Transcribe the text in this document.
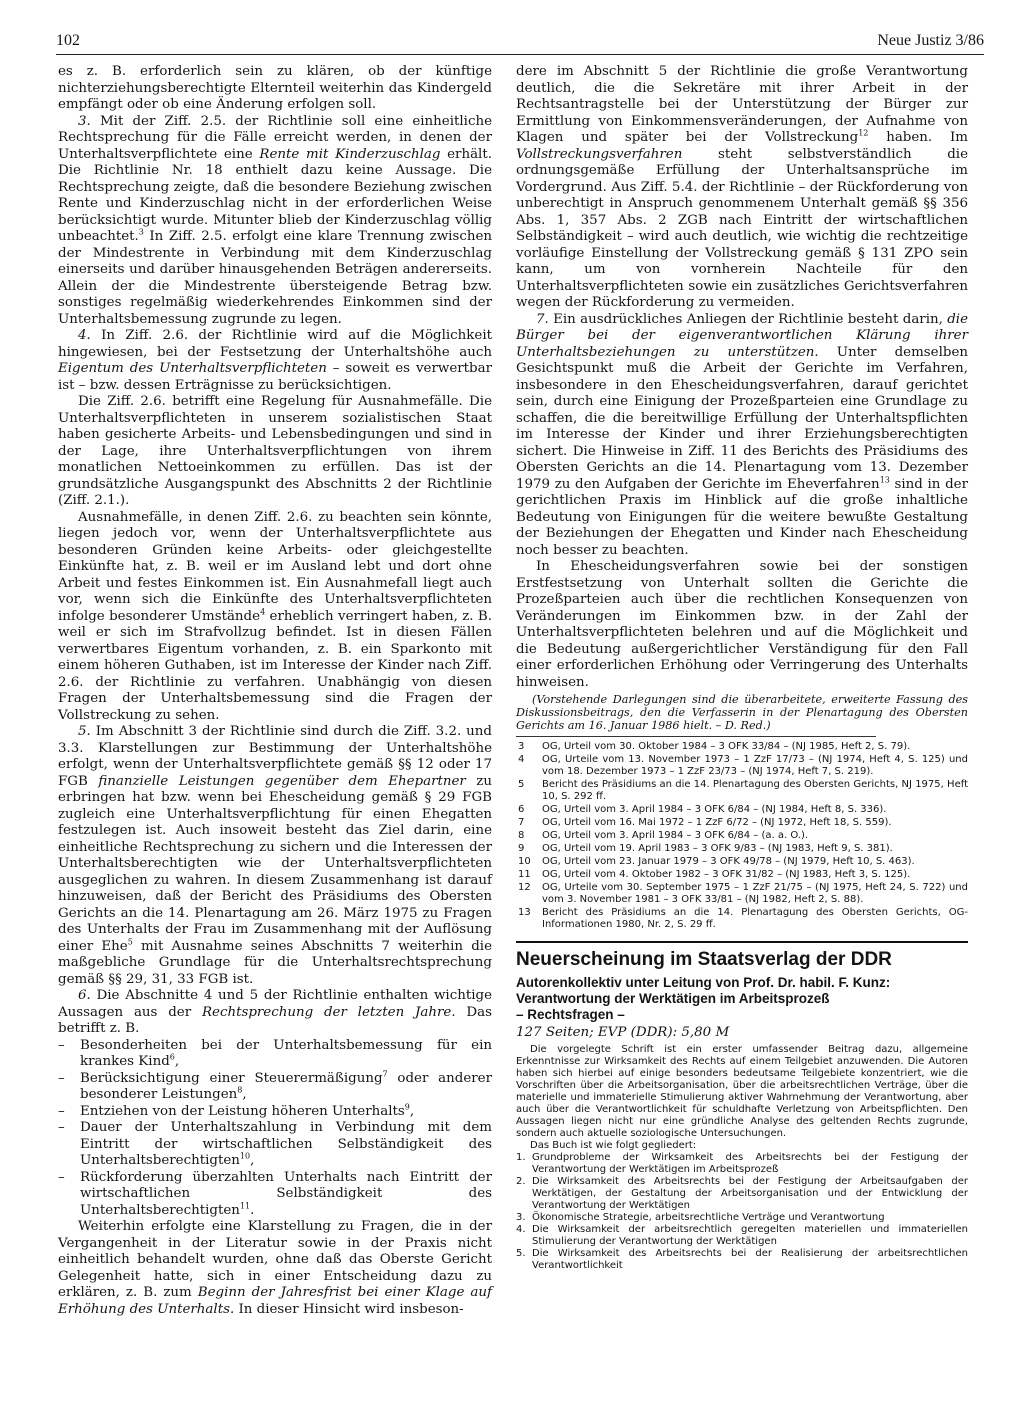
102	Neue Justiz 3/86

es z. B. erforderlich sein zu klären, ob der künftige nichterziehungsberechtigte Elternteil weiterhin das Kindergeld empfängt oder ob eine Änderung erfolgen soll.

3. Mit der Ziff. 2.5. der Richtlinie soll eine einheitliche Rechtsprechung für die Fälle erreicht werden, in denen der Unterhaltsverpflichtete eine Rente mit Kinderzuschlag erhält. Die Richtlinie Nr. 18 enthielt dazu keine Aussage. Die Rechtsprechung zeigte, daß die besondere Beziehung zwischen Rente und Kinderzuschlag nicht in der erforderlichen Weise berücksichtigt wurde. Mitunter blieb der Kinderzuschlag völlig unbeachtet.$^3$ In Ziff. 2.5. erfolgt eine klare Trennung zwischen der Mindestrente in Verbindung mit dem Kinderzuschlag einerseits und darüber hinausgehenden Beträgen andererseits. Allein der die Mindestrente übersteigende Betrag bzw. sonstiges regelmäßig wiederkehrendes Einkommen sind der Unterhaltsbemessung zugrunde zu legen.

4. In Ziff. 2.6. der Richtlinie wird auf die Möglichkeit hingewiesen, bei der Festsetzung der Unterhaltshöhe auch Eigentum des Unterhaltsverpflichteten – soweit es verwertbar ist – bzw. dessen Erträgnisse zu berücksichtigen.

Die Ziff. 2.6. betrifft eine Regelung für Ausnahmefälle. Die Unterhaltsverpflichteten in unserem sozialistischen Staat haben gesicherte Arbeits- und Lebensbedingungen und sind in der Lage, ihre Unterhaltsverpflichtungen von ihrem monatlichen Nettoeinkommen zu erfüllen. Das ist der grundsätzliche Ausgangspunkt des Abschnitts 2 der Richtlinie (Ziff. 2.1.).

Ausnahmefälle, in denen Ziff. 2.6. zu beachten sein könnte, liegen jedoch vor, wenn der Unterhaltsverpflichtete aus besonderen Gründen keine Arbeits- oder gleichgestellte Einkünfte hat, z. B. weil er im Ausland lebt und dort ohne Arbeit und festes Einkommen ist. Ein Ausnahmefall liegt auch vor, wenn sich die Einkünfte des Unterhaltsverpflichteten infolge besonderer Umstände$^4$ erheblich verringert haben, z. B. weil er sich im Strafvollzug befindet. Ist in diesen Fällen verwertbares Eigentum vorhanden, z. B. ein Sparkonto mit einem höheren Guthaben, ist im Interesse der Kinder nach Ziff. 2.6. der Richtlinie zu verfahren. Unabhängig von diesen Fragen der Unterhaltsbemessung sind die Fragen der Vollstreckung zu sehen.

5. Im Abschnitt 3 der Richtlinie sind durch die Ziff. 3.2. und 3.3. Klarstellungen zur Bestimmung der Unterhaltshöhe erfolgt, wenn der Unterhaltsverpflichtete gemäß §§ 12 oder 17 FGB finanzielle Leistungen gegenüber dem Ehepartner zu erbringen hat bzw. wenn bei Ehescheidung gemäß § 29 FGB zugleich eine Unterhaltsverpflichtung für einen Ehegatten festzulegen ist. Auch insoweit besteht das Ziel darin, eine einheitliche Rechtsprechung zu sichern und die Interessen der Unterhaltsberechtigten wie der Unterhaltsverpflichteten ausgeglichen zu wahren. In diesem Zusammenhang ist darauf hinzuweisen, daß der Bericht des Präsidiums des Obersten Gerichts an die 14. Plenartagung am 26. März 1975 zu Fragen des Unterhalts der Frau im Zusammenhang mit der Auflösung einer Ehe$^5$ mit Ausnahme seines Abschnitts 7 weiterhin die maßgebliche Grundlage für die Unterhaltsrechtsprechung gemäß §§ 29, 31, 33 FGB ist.

6. Die Abschnitte 4 und 5 der Richtlinie enthalten wichtige Aussagen aus der Rechtsprechung der letzten Jahre. Das betrifft z. B.

– Besonderheiten bei der Unterhaltsbemessung für ein krankes Kind$^6$,
– Berücksichtigung einer Steuerermäßigung$^7$ oder anderer besonderer Leistungen$^8$,
– Entziehen von der Leistung höheren Unterhalts$^9$,
– Dauer der Unterhaltszahlung in Verbindung mit dem Eintritt der wirtschaftlichen Selbständigkeit des Unterhaltsberechtigten$^{10}$,
– Rückforderung überzahlten Unterhalts nach Eintritt der wirtschaftlichen Selbständigkeit des Unterhaltsberechtigten$^{11}$.

Weiterhin erfolgte eine Klarstellung zu Fragen, die in der Vergangenheit in der Literatur sowie in der Praxis nicht einheitlich behandelt wurden, ohne daß das Oberste Gericht Gelegenheit hatte, sich in einer Entscheidung dazu zu erklären, z. B. zum Beginn der Jahresfrist bei einer Klage auf Erhöhung des Unterhalts. In dieser Hinsicht wird insbeson-

dere im Abschnitt 5 der Richtlinie die große Verantwortung deutlich, die die Sekretäre mit ihrer Arbeit in der Rechtsantragstelle bei der Unterstützung der Bürger zur Ermittlung von Einkommensveränderungen, der Aufnahme von Klagen und später bei der Vollstreckung$^{12}$ haben. Im Vollstreckungsverfahren steht selbstverständlich die ordnungsgemäße Erfüllung der Unterhaltsansprüche im Vordergrund. Aus Ziff. 5.4. der Richtlinie – der Rückforderung von unberechtigt in Anspruch genommenem Unterhalt gemäß §§ 356 Abs. 1, 357 Abs. 2 ZGB nach Eintritt der wirtschaftlichen Selbständigkeit – wird auch deutlich, wie wichtig die rechtzeitige vorläufige Einstellung der Vollstreckung gemäß § 131 ZPO sein kann, um von vornherein Nachteile für den Unterhaltsverpflichteten sowie ein zusätzliches Gerichtsverfahren wegen der Rückforderung zu vermeiden.

7. Ein ausdrückliches Anliegen der Richtlinie besteht darin, die Bürger bei der eigenverantwortlichen Klärung ihrer Unterhaltsbeziehungen zu unterstützen. Unter demselben Gesichtspunkt muß die Arbeit der Gerichte im Verfahren, insbesondere in den Ehescheidungsverfahren, darauf gerichtet sein, durch eine Einigung der Prozeßparteien eine Grundlage zu schaffen, die die bereitwillige Erfüllung der Unterhaltspflichten im Interesse der Kinder und ihrer Erziehungsberechtigten sichert. Die Hinweise in Ziff. 11 des Berichts des Präsidiums des Obersten Gerichts an die 14. Plenartagung vom 13. Dezember 1979 zu den Aufgaben der Gerichte im Eheverfahren$^{13}$ sind in der gerichtlichen Praxis im Hinblick auf die große inhaltliche Bedeutung von Einigungen für die weitere bewußte Gestaltung der Beziehungen der Ehegatten und Kinder nach Ehescheidung noch besser zu beachten.

In Ehescheidungsverfahren sowie bei der sonstigen Erstfestsetzung von Unterhalt sollten die Gerichte die Prozeßparteien auch über die rechtlichen Konsequenzen von Veränderungen im Einkommen bzw. in der Zahl der Unterhaltsverpflichteten belehren und auf die Möglichkeit und die Bedeutung außergerichtlicher Verständigung für den Fall einer erforderlichen Erhöhung oder Verringerung des Unterhalts hinweisen.

(Vorstehende Darlegungen sind die überarbeitete, erweiterte Fassung des Diskussionsbeitrags, den die Verfasserin in der Plenartagung des Obersten Gerichts am 16. Januar 1986 hielt. – D. Red.)

3 OG, Urteil vom 30. Oktober 1984 – 3 OFK 33/84 – (NJ 1985, Heft 2, S. 79).
4 OG, Urteile vom 13. November 1973 – 1 ZzF 17/73 – (NJ 1974, Heft 4, S. 125) und vom 18. Dezember 1973 – 1 ZzF 23/73 – (NJ 1974, Heft 7, S. 219).
5 Bericht des Präsidiums an die 14. Plenartagung des Obersten Gerichts, NJ 1975, Heft 10, S. 292 ff.
6 OG, Urteil vom 3. April 1984 – 3 OFK 6/84 – (NJ 1984, Heft 8, S. 336).
7 OG, Urteil vom 16. Mai 1972 – 1 ZzF 6/72 – (NJ 1972, Heft 18, S. 559).
8 OG, Urteil vom 3. April 1984 – 3 OFK 6/84 – (a. a. O.).
9 OG, Urteil vom 19. April 1983 – 3 OFK 9/83 – (NJ 1983, Heft 9, S. 381).
10 OG, Urteil vom 23. Januar 1979 – 3 OFK 49/78 – (NJ 1979, Heft 10, S. 463).
11 OG, Urteil vom 4. Oktober 1982 – 3 OFK 31/82 – (NJ 1983, Heft 3, S. 125).
12 OG, Urteile vom 30. September 1975 – 1 ZzF 21/75 – (NJ 1975, Heft 24, S. 722) und vom 3. November 1981 – 3 OFK 33/81 – (NJ 1982, Heft 2, S. 88).
13 Bericht des Präsidiums an die 14. Plenartagung des Obersten Gerichts, OG-Informationen 1980, Nr. 2, S. 29 ff.
Neuerscheinung im Staatsverlag der DDR
Autorenkollektiv unter Leitung von Prof. Dr. habil. F. Kunz:
Verantwortung der Werktätigen im Arbeitsprozeß
– Rechtsfragen –
127 Seiten; EVP (DDR): 5,80 M
Die vorgelegte Schrift ist ein erster umfassender Beitrag dazu, allgemeine Erkenntnisse zur Wirksamkeit des Rechts auf einem Teilgebiet anzuwenden. Die Autoren haben sich hierbei auf einige besonders bedeutsame Teilgebiete konzentriert, wie die Vorschriften über die Arbeitsorganisation, über die arbeitsrechtlichen Verträge, über die materielle und immaterielle Stimulierung aktiver Wahrnehmung der Verantwortung, aber auch über die Verantwortlichkeit für schuldhafte Verletzung von Arbeitspflichten. Den Aussagen liegen nicht nur eine gründliche Analyse des geltenden Rechts zugrunde, sondern auch aktuelle soziologische Untersuchungen.
Das Buch ist wie folgt gegliedert:
1. Grundprobleme der Wirksamkeit des Arbeitsrechts bei der Festigung der Verantwortung der Werktätigen im Arbeitsprozeß
2. Die Wirksamkeit des Arbeitsrechts bei der Festigung der Arbeitsaufgaben der Werktätigen, der Gestaltung der Arbeitsorganisation und der Entwicklung der Verantwortung der Werktätigen
3. Ökonomische Strategie, arbeitsrechtliche Verträge und Verantwortung
4. Die Wirksamkeit der arbeitsrechtlich geregelten materiellen und immateriellen Stimulierung der Verantwortung der Werktätigen
5. Die Wirksamkeit des Arbeitsrechts bei der Realisierung der arbeitsrechtlichen Verantwortlichkeit
